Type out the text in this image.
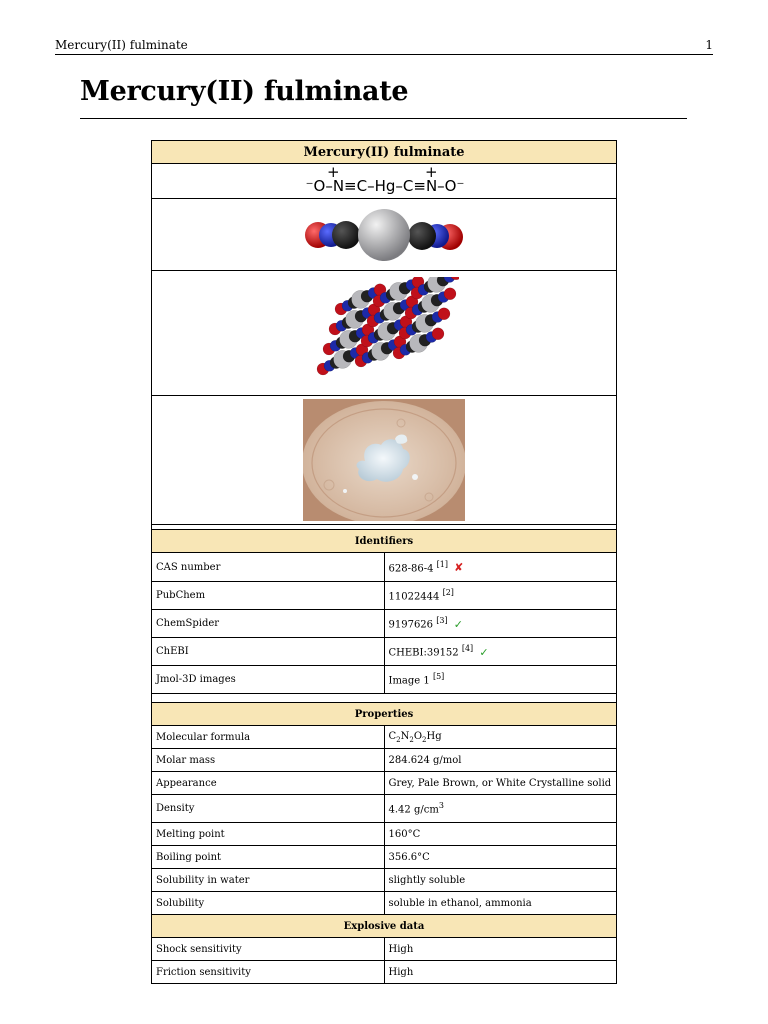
Mercury(II) fulminate	1
Mercury(II) fulminate
Mercury(II) fulminate	

+ +
⁻O–N≡C–Hg–C≡N–O⁻	

Identifiers	
CAS number	628-86-4 [1] ✘
PubChem	11022444 [2]
ChemSpider	9197626 [3] ✓
ChEBI	CHEBI:39152 [4] ✓
Jmol-3D images	Image 1 [5]

Properties	
Molecular formula	$C_2N_2O_2Hg$
Molar mass	284.624 g/mol
Appearance	Grey, Pale Brown, or White Crystalline solid
Density	4.42 $g/cm^3$
Melting point	160°C
Boiling point	356.6°C
Solubility in water	slightly soluble
Solubility	soluble in ethanol, ammonia
Explosive data	
Shock sensitivity	High
Friction sensitivity	High
